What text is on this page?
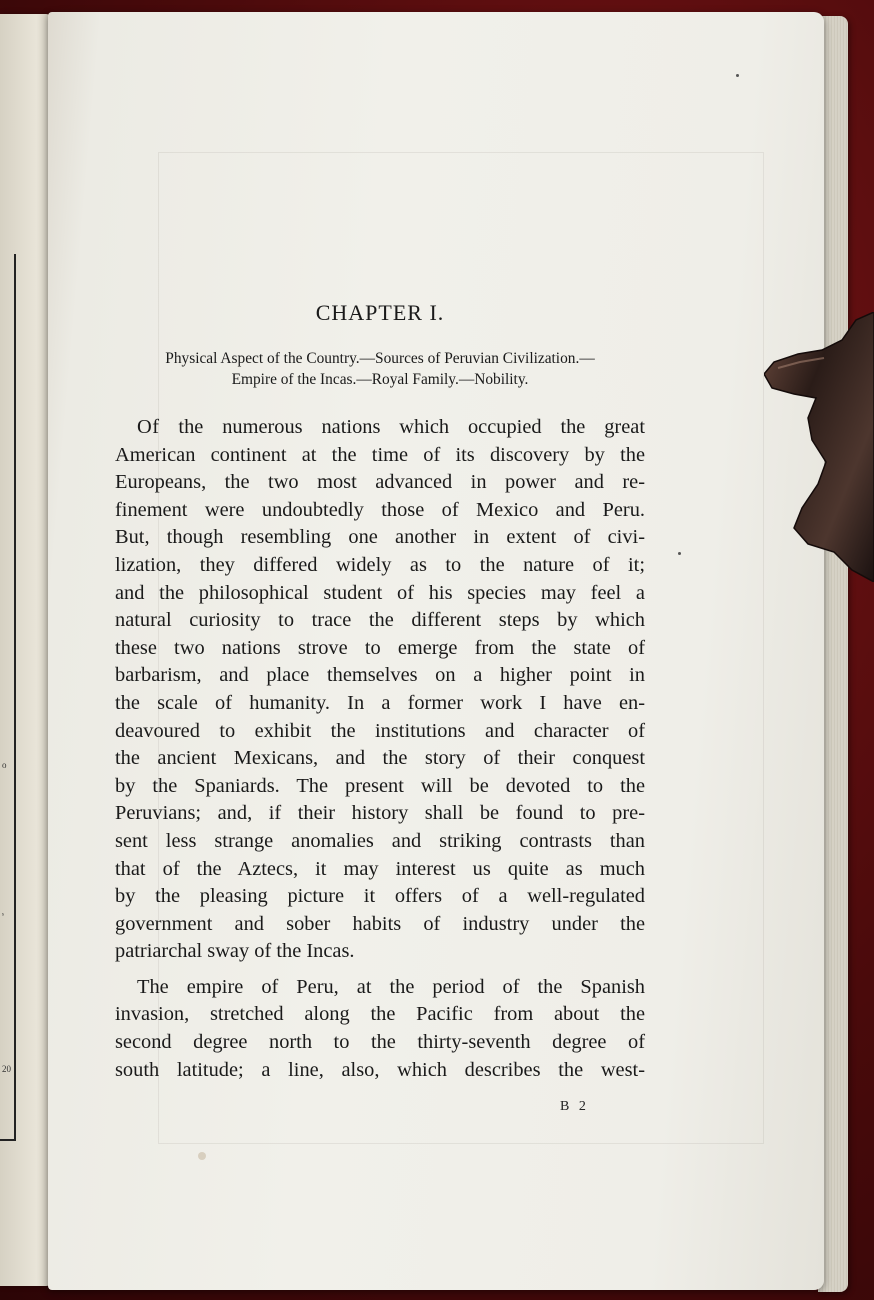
o
ˢ
20
CHAPTER I.
Physical Aspect of the Country.—Sources of Peruvian Civilization.—
Empire of the Incas.—Royal Family.—Nobility.
Of the numerous nations which occupied the great
American continent at the time of its discovery by the
Europeans, the two most advanced in power and re-
finement were undoubtedly those of Mexico and Peru.
But, though resembling one another in extent of civi-
lization, they differed widely as to the nature of it;
and the philosophical student of his species may feel a
natural curiosity to trace the different steps by which
these two nations strove to emerge from the state of
barbarism, and place themselves on a higher point in
the scale of humanity. In a former work I have en-
deavoured to exhibit the institutions and character of
the ancient Mexicans, and the story of their conquest
by the Spaniards. The present will be devoted to the
Peruvians; and, if their history shall be found to pre-
sent less strange anomalies and striking contrasts than
that of the Aztecs, it may interest us quite as much
by the pleasing picture it offers of a well-regulated
government and sober habits of industry under the
patriarchal sway of the Incas.
The empire of Peru, at the period of the Spanish
invasion, stretched along the Pacific from about the
second degree north to the thirty-seventh degree of
south latitude; a line, also, which describes the west-
B 2
